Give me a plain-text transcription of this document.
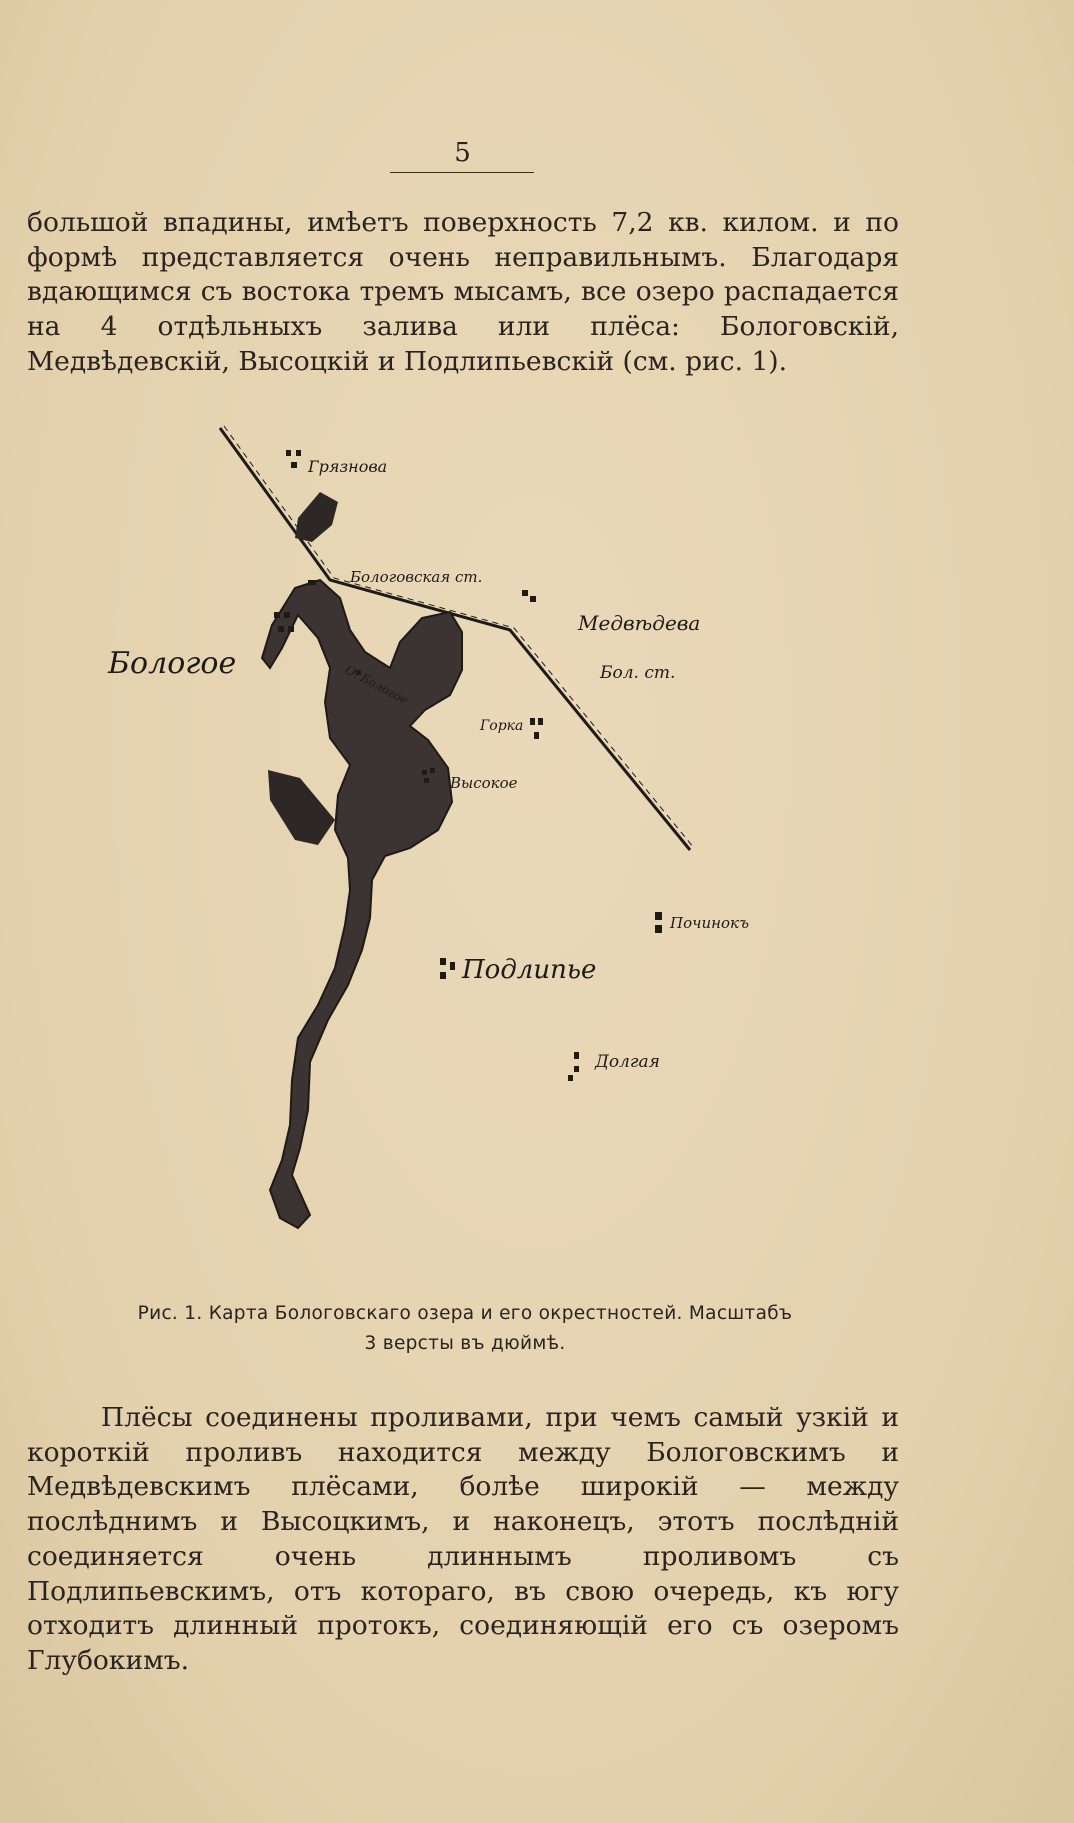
5
большой впадины, имѣетъ поверхность 7,2 кв. килом. и по формѣ представляется очень неправильнымъ. Благодаря вдающимся съ востока тремъ мысамъ, все озеро распадается на 4 отдѣльныхъ залива или плёса: Бологовскій, Медвѣдевскій, Высоцкій и Подлипьевскій (см. рис. 1).
Грязнова
Бологовская ст.
Медвѣдева
Бол. ст.
Бологое	О. Бологое
Горка
Высокое
Починокъ
Подлипье
Долгая
Рис. 1. Карта Бологовскаго озера и его окрестностей. Масштабъ
3 версты въ дюймѣ.
Плёсы соединены проливами, при чемъ самый узкій и короткій проливъ находится между Бологовскимъ и Медвѣдевскимъ плёсами, болѣе широкій — между послѣднимъ и Высоцкимъ, и наконецъ, этотъ послѣдній соединяется очень длиннымъ проливомъ съ Подлипьевскимъ, отъ котораго, въ свою очередь, къ югу отходитъ длинный протокъ, соединяющій его съ озеромъ Глубокимъ.
